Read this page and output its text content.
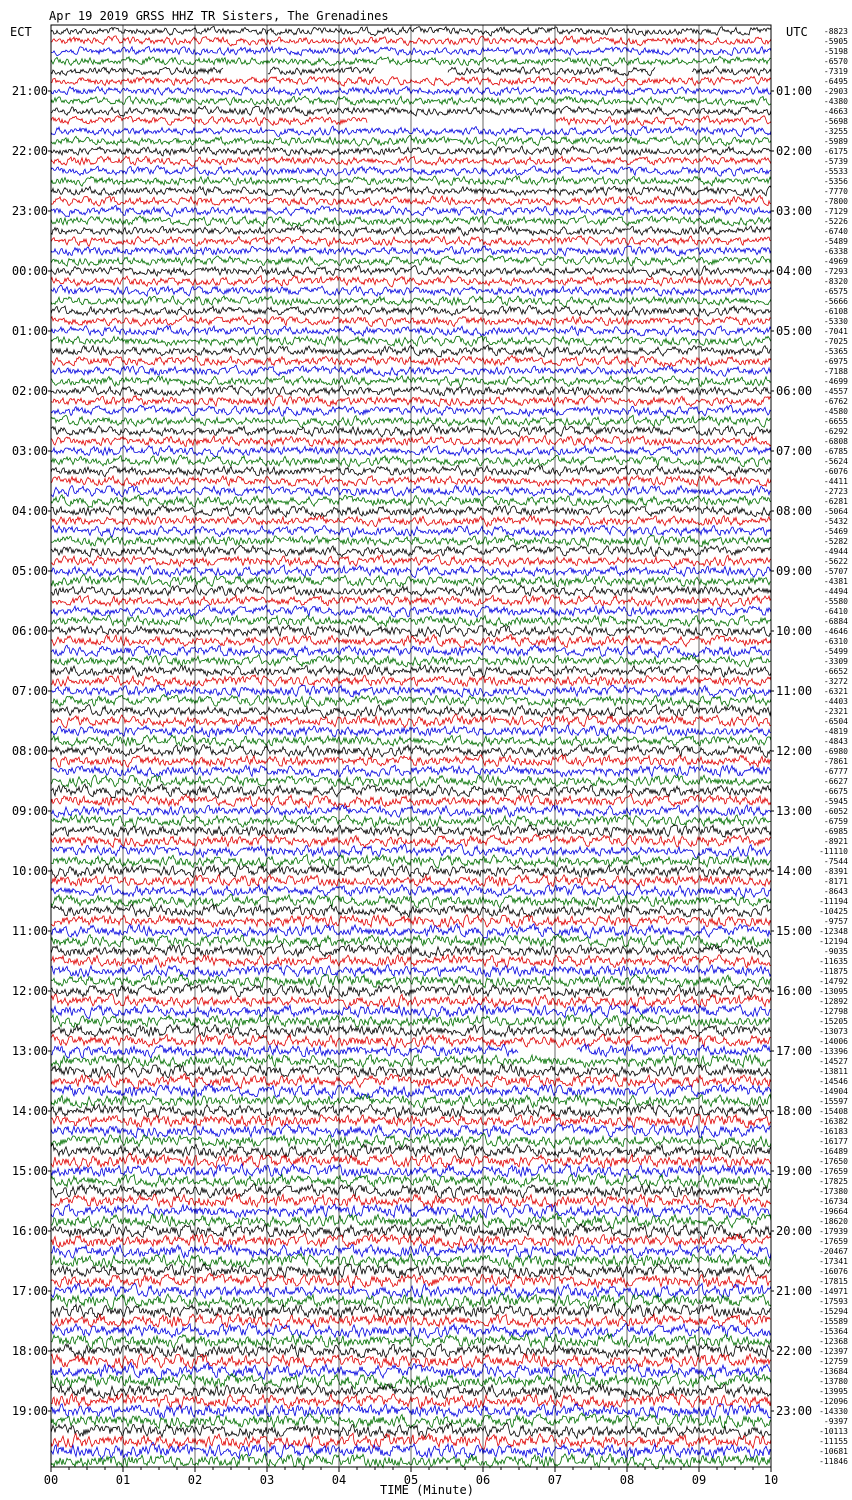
Apr 19 2019 GRSS HHZ TR Sisters, The Grenadines
ECT	UTC
TIME (Minute)
21:00
22:00
23:00
00:00
01:00
02:00
03:00
04:00
05:00
06:00
07:00
08:00
09:00
10:00
11:00
12:00
13:00
14:00
15:00
16:00
17:00
18:00
19:00
01:00
02:00
03:00
04:00
05:00
06:00
07:00
08:00
09:00
10:00
11:00
12:00
13:00
14:00
15:00
16:00
17:00
18:00
19:00
20:00
21:00
22:00
23:00
-8823
-5905
-5198
-6570
-7319
-6495
-2903
-4380
-4663
-5698
-3255
-5989
-6175
-5739
-5533
-5356
-7770
-7800
-7129
-5226
-6740
-5489
-6338
-4969
-7293
-8320
-6575
-5666
-6108
-5330
-7041
-7025
-5365
-6975
-7188
-4699
-4557
-6762
-4580
-6655
-6292
-6808
-6785
-5624
-6076
-4411
-2723
-6281
-5064
-5432
-5469
-5282
-4944
-5622
-5707
-4381
-4494
-5580
-6410
-6884
-4646
-6310
-5499
-3309
-6652
-3272
-6321
-4403
-2321
-6504
-4819
-4843
-6980
-7861
-6777
-6627
-6675
-5945
-6052
-6759
-6985
-8921
-11110
-7544
-8391
-8171
-8643
-11194
-10425
-9757
-12348
-12194
-9035
-11635
-11875
-14792
-13095
-12892
-12798
-15205
-13073
-14006
-13396
-14527
-13811
-14546
-14904
-15597
-15408
-16382
-16183
-16177
-16489
-17650
-17659
-17825
-17380
-16734
-19664
-18620
-17939
-17659
-20467
-17341
-16076
-17815
-14971
-17593
-15294
-15589
-15364
-12368
-12397
-12759
-13684
-13780
-13995
-12096
-14330
-9397
-10113
-11155
-10681
-11846
00	01	02	03	04	05	06	07	08	09	10
